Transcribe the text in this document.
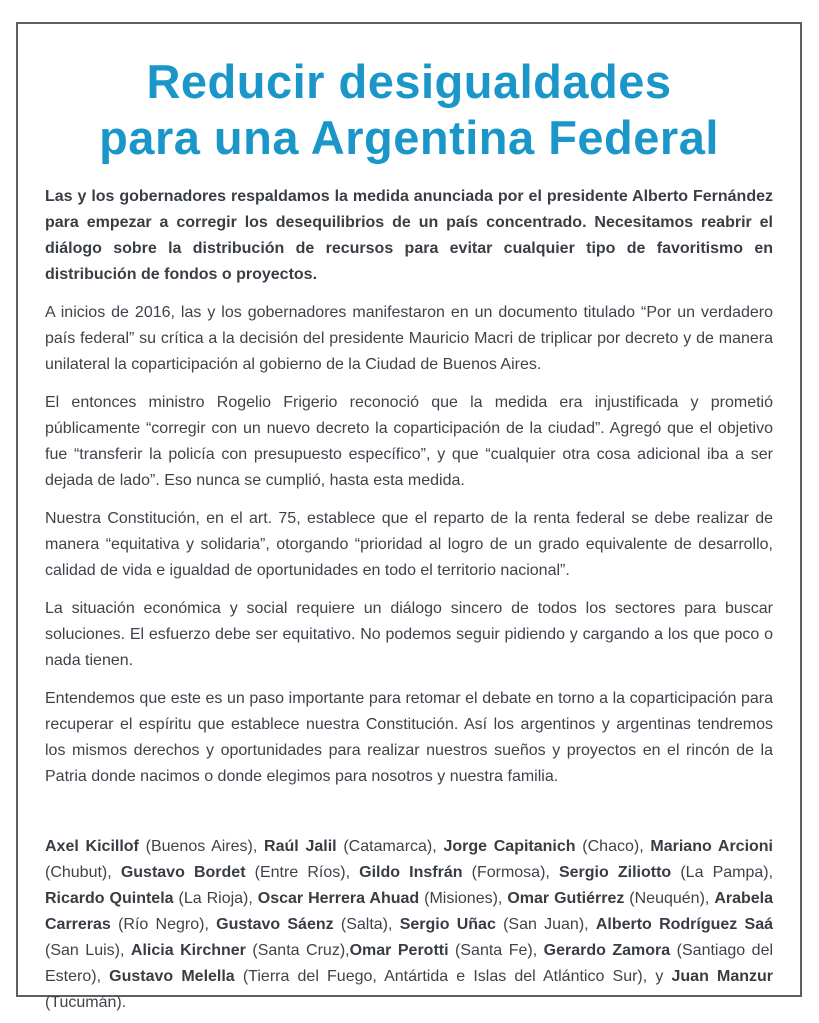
Reducir desigualdades
para una Argentina Federal

Las y los gobernadores respaldamos la medida anunciada por el presidente Alberto Fernández para empezar a corregir los desequilibrios de un país concentrado. Necesitamos reabrir el diálogo sobre la distribución de recursos para evitar cualquier tipo de favoritismo en distribución de fondos o proyectos.

A inicios de 2016, las y los gobernadores manifestaron en un documento titulado “Por un verdadero país federal” su crítica a la decisión del presidente Mauricio Macri de triplicar por decreto y de manera unilateral la coparticipación al gobierno de la Ciudad de Buenos Aires.

El entonces ministro Rogelio Frigerio reconoció que la medida era injustificada y prometió públicamente “corregir con un nuevo decreto la coparticipación de la ciudad”. Agregó que el objetivo fue “transferir la policía con presupuesto específico”, y que “cualquier otra cosa adicional iba a ser dejada de lado”. Eso nunca se cumplió, hasta esta medida.

Nuestra Constitución, en el art. 75, establece que el reparto de la renta federal se debe realizar de manera “equitativa y solidaria”, otorgando “prioridad al logro de un grado equivalente de desarrollo, calidad de vida e igualdad de oportunidades en todo el territorio nacional”.

La situación económica y social requiere un diálogo sincero de todos los sectores para buscar soluciones. El esfuerzo debe ser equitativo. No podemos seguir pidiendo y cargando a los que poco o nada tienen.

Entendemos que este es un paso importante para retomar el debate en torno a la coparticipación para recuperar el espíritu que establece nuestra Constitución. Así los argentinos y argentinas tendremos los mismos derechos y oportunidades para realizar nuestros sueños y proyectos en el rincón de la Patria donde nacimos o donde elegimos para nosotros y nuestra familia.

Axel Kicillof (Buenos Aires), Raúl Jalil (Catamarca), Jorge Capitanich (Chaco), Mariano Arcioni (Chubut), Gustavo Bordet (Entre Ríos), Gildo Insfrán (Formosa), Sergio Ziliotto (La Pampa), Ricardo Quintela (La Rioja), Oscar Herrera Ahuad (Misiones), Omar Gutiérrez (Neuquén), Arabela Carreras (Río Negro), Gustavo Sáenz (Salta), Sergio Uñac (San Juan), Alberto Rodríguez Saá (San Luis), Alicia Kirchner (Santa Cruz),Omar Perotti (Santa Fe), Gerardo Zamora (Santiago del Estero), Gustavo Melella (Tierra del Fuego, Antártida e Islas del Atlántico Sur), y Juan Manzur (Tucumán).
